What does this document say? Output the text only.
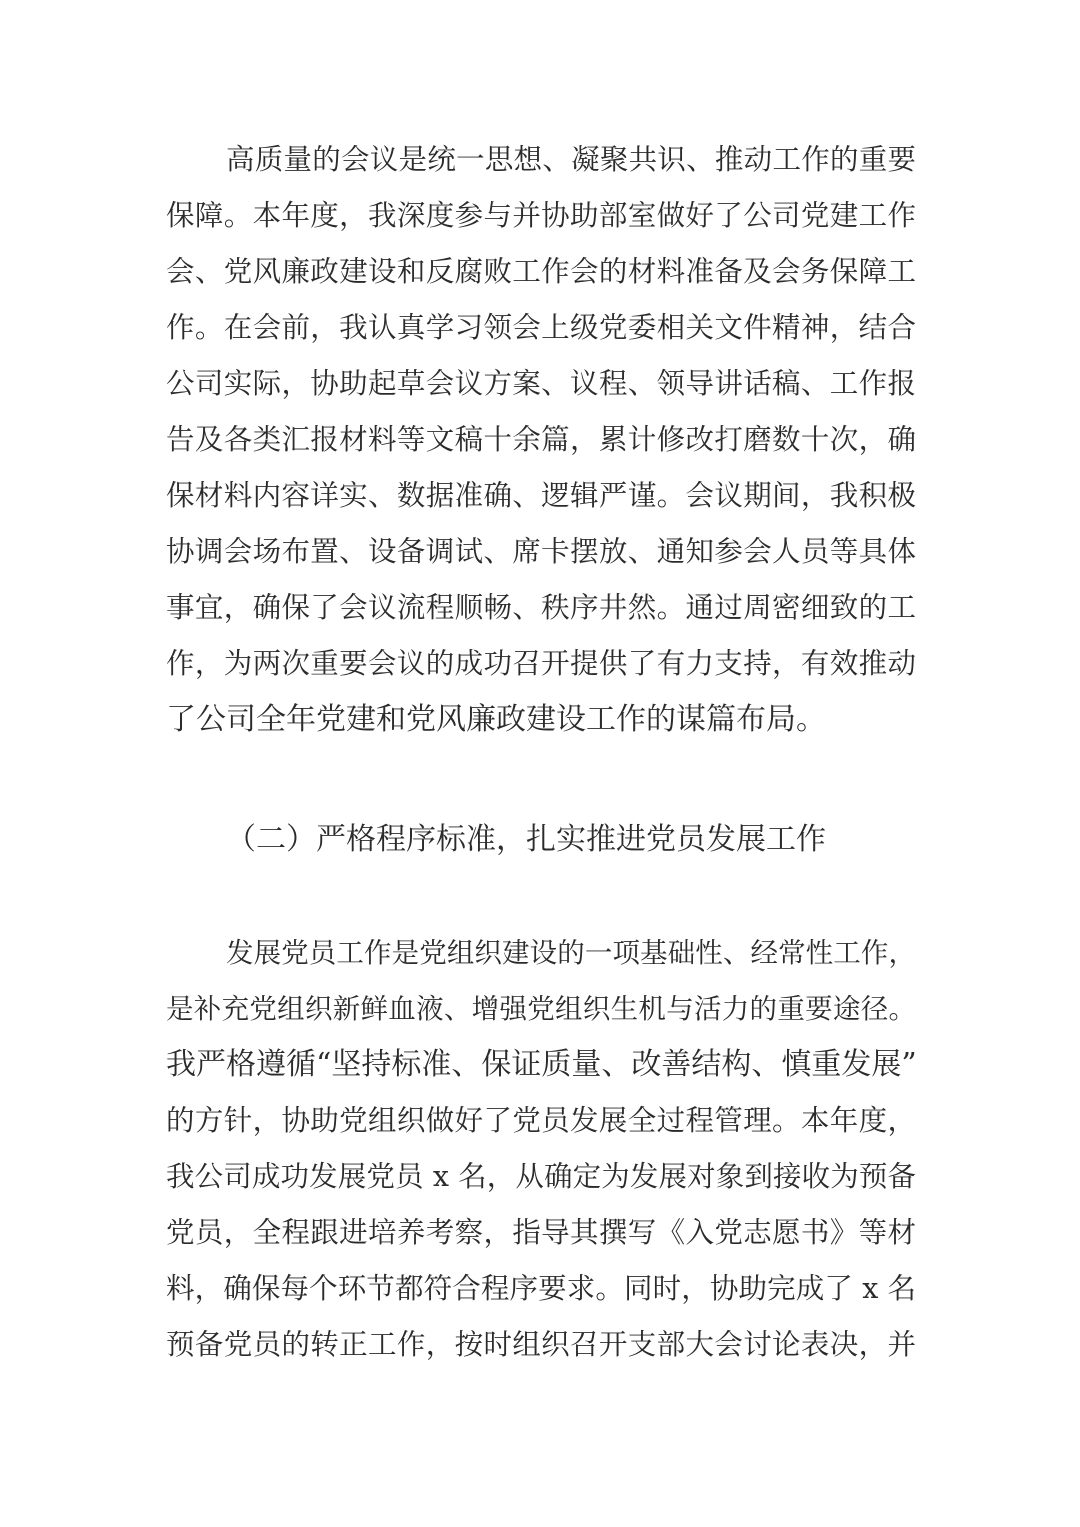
高质量的会议是统一思想、凝聚共识、推动工作的重要
保障。本年度，我深度参与并协助部室做好了公司党建工作
会、党风廉政建设和反腐败工作会的材料准备及会务保障工
作。在会前，我认真学习领会上级党委相关文件精神，结合
公司实际，协助起草会议方案、议程、领导讲话稿、工作报
告及各类汇报材料等文稿十余篇，累计修改打磨数十次，确
保材料内容详实、数据准确、逻辑严谨。会议期间，我积极
协调会场布置、设备调试、席卡摆放、通知参会人员等具体
事宜，确保了会议流程顺畅、秩序井然。通过周密细致的工
作，为两次重要会议的成功召开提供了有力支持，有效推动
了公司全年党建和党风廉政建设工作的谋篇布局。
（二）严格程序标准，扎实推进党员发展工作
发展党员工作是党组织建设的一项基础性、经常性工作，
是补充党组织新鲜血液、增强党组织生机与活力的重要途径。
我严格遵循“坚持标准、保证质量、改善结构、慎重发展”
的方针，协助党组织做好了党员发展全过程管理。本年度，
我公司成功发展党员 x 名，从确定为发展对象到接收为预备
党员，全程跟进培养考察，指导其撰写《入党志愿书》等材
料，确保每个环节都符合程序要求。同时，协助完成了 x 名
预备党员的转正工作，按时组织召开支部大会讨论表决，并
